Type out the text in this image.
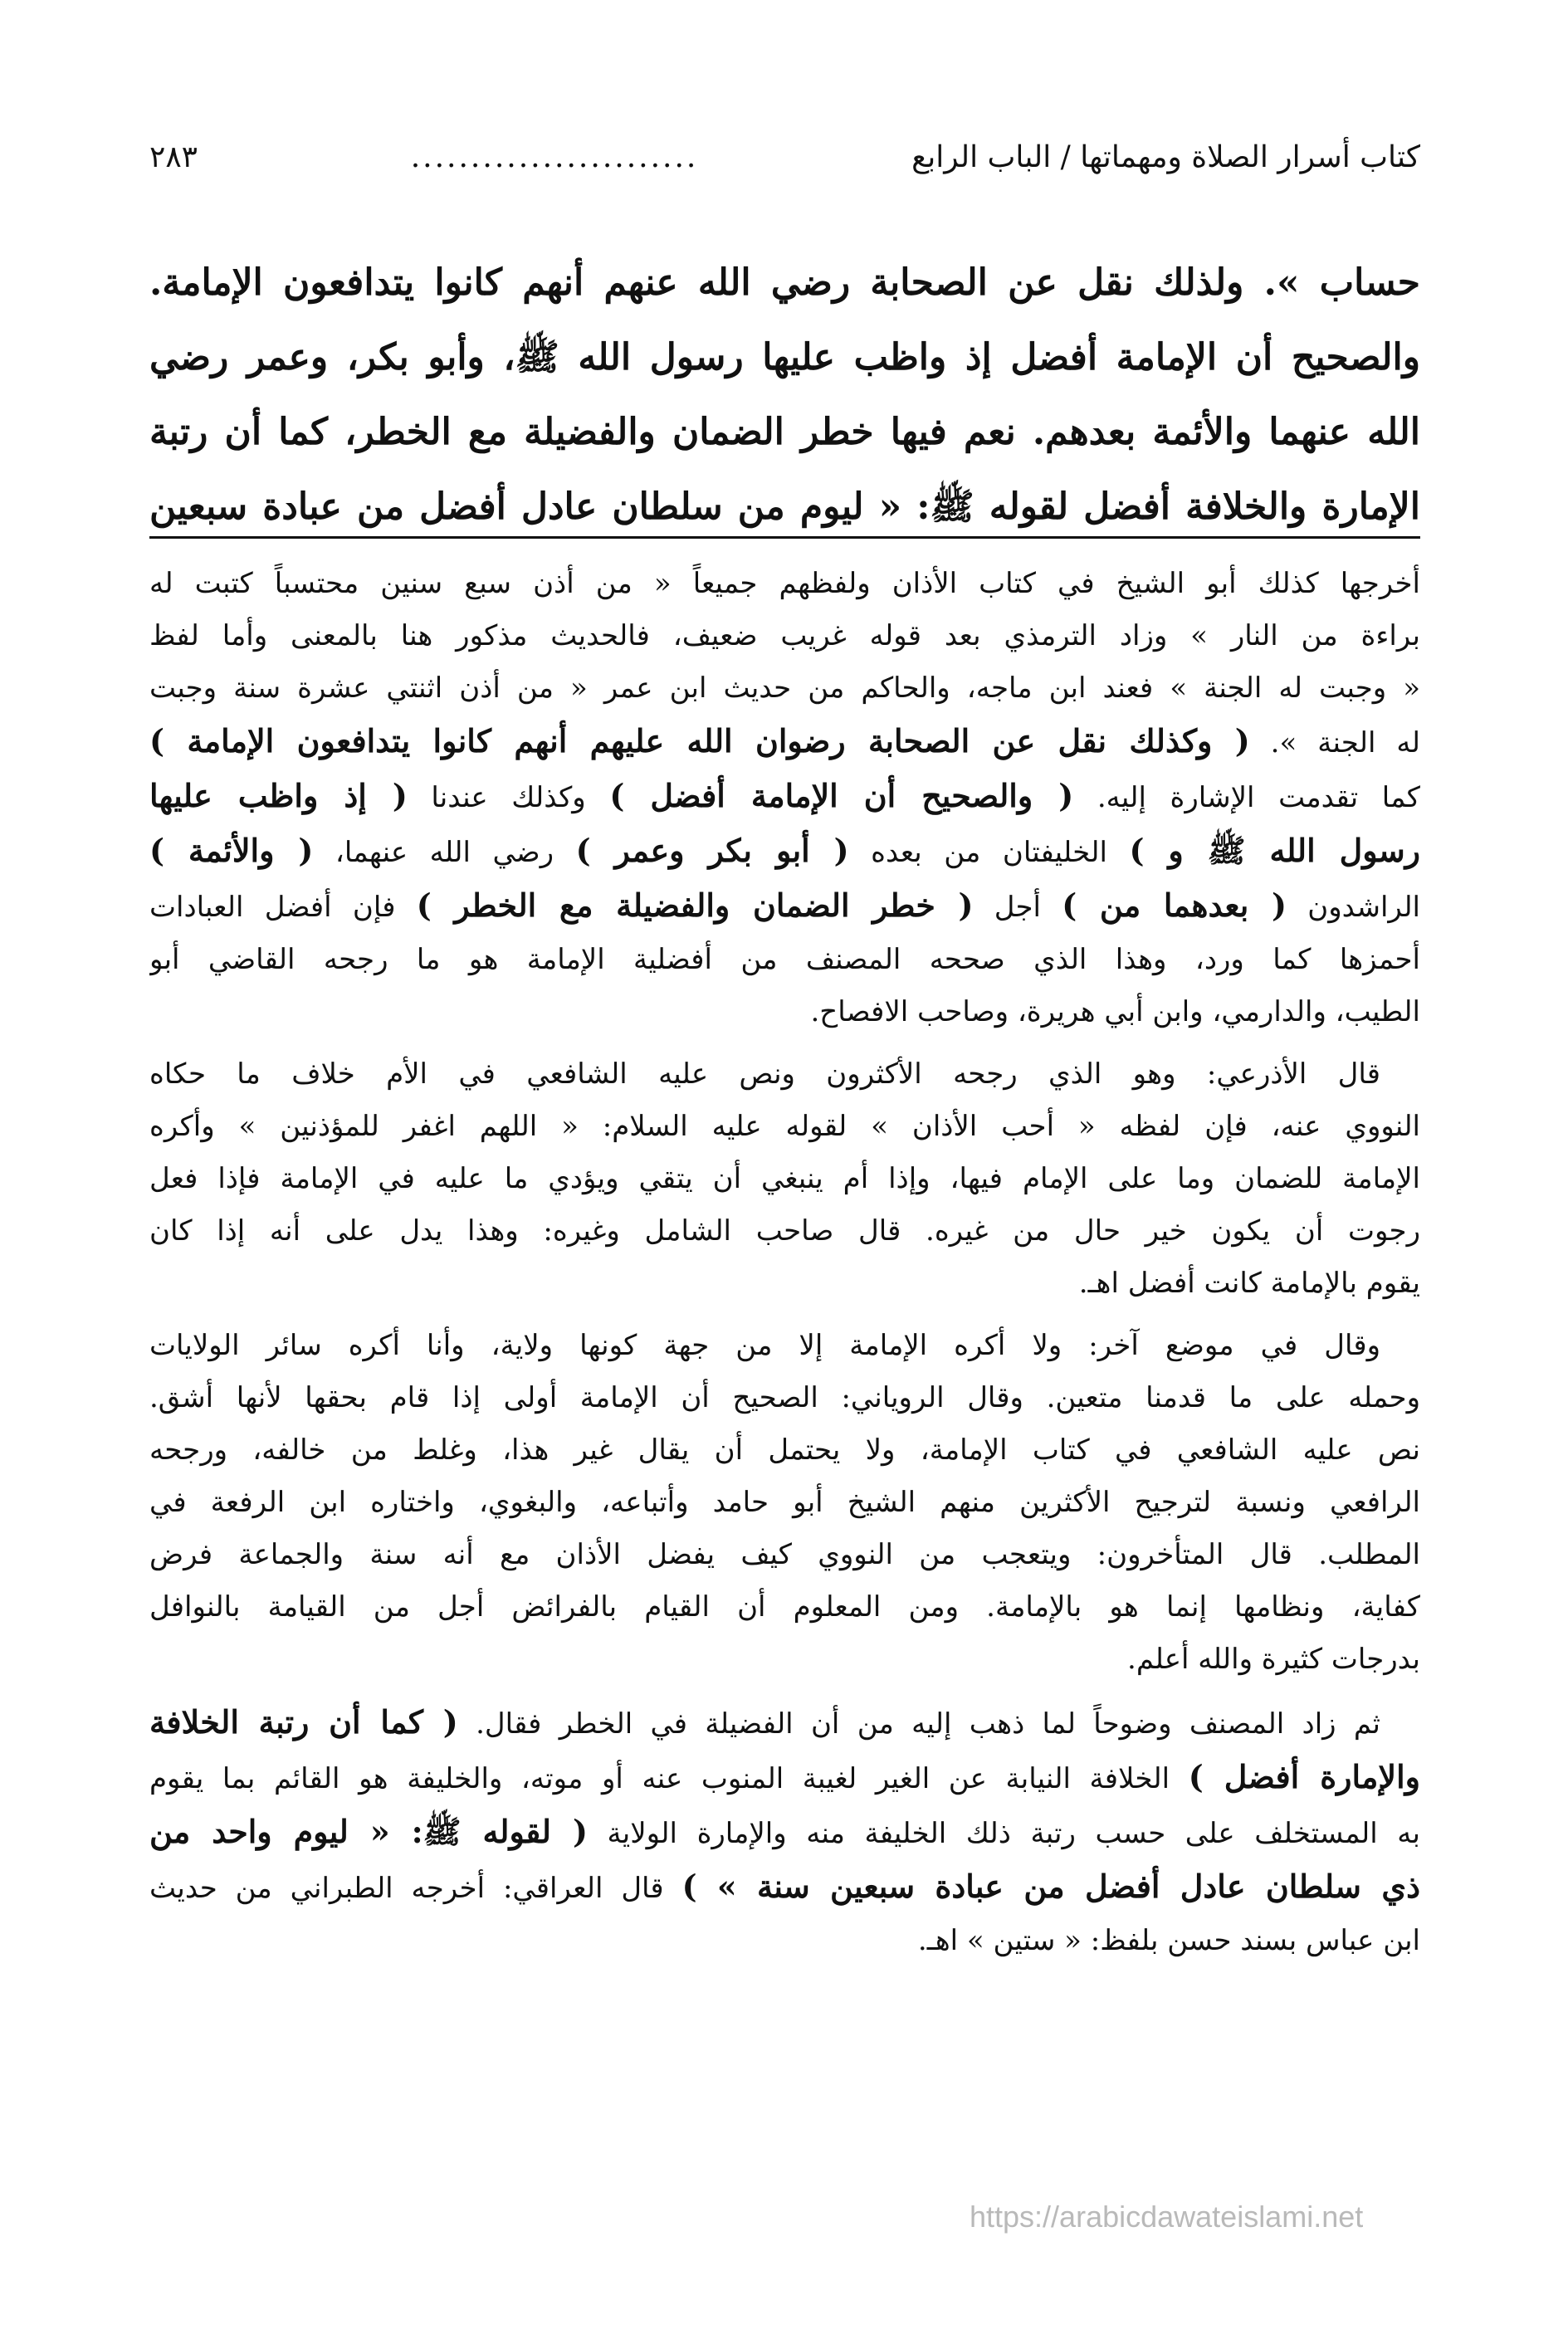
كتاب أسرار الصلاة ومهماتها / الباب الرابع
........................
٢٨٣
حساب ». ولذلك نقل عن الصحابة رضي الله عنهم أنهم كانوا يتدافعون الإمامة.
والصحيح أن الإمامة أفضل إذ واظب عليها رسول الله ﷺ، وأبو بكر، وعمر رضي
الله عنهما والأئمة بعدهم. نعم فيها خطر الضمان والفضيلة مع الخطر، كما أن رتبة
الإمارة والخلافة أفضل لقوله ﷺ: « ليوم من سلطان عادل أفضل من عبادة سبعين
أخرجها كذلك أبو الشيخ في كتاب الأذان ولفظهم جميعاً « من أذن سبع سنين محتسباً كتبت له
براءة من النار » وزاد الترمذي بعد قوله غريب ضعيف، فالحديث مذكور هنا بالمعنى وأما لفظ
« وجبت له الجنة » فعند ابن ماجه، والحاكم من حديث ابن عمر « من أذن اثنتي عشرة سنة وجبت
له الجنة ». ( وكذلك نقل عن الصحابة رضوان الله عليهم أنهم كانوا يتدافعون الإمامة )
كما تقدمت الإشارة إليه. ( والصحيح أن الإمامة أفضل ) وكذلك عندنا ( إذ واظب عليها
رسول الله ﷺ و ) الخليفتان من بعده ( أبو بكر وعمر ) رضي الله عنهما، ( والأئمة )
الراشدون ( بعدهما من ) أجل ( خطر الضمان والفضيلة مع الخطر ) فإن أفضل العبادات
أحمزها كما ورد، وهذا الذي صححه المصنف من أفضلية الإمامة هو ما رجحه القاضي أبو
الطيب، والدارمي، وابن أبي هريرة، وصاحب الافصاح.
قال الأذرعي: وهو الذي رجحه الأكثرون ونص عليه الشافعي في الأم خلاف ما حكاه
النووي عنه، فإن لفظه « أحب الأذان » لقوله عليه السلام: « اللهم اغفر للمؤذنين » وأكره
الإمامة للضمان وما على الإمام فيها، وإذا أم ينبغي أن يتقي ويؤدي ما عليه في الإمامة فإذا فعل
رجوت أن يكون خير حال من غيره. قال صاحب الشامل وغيره: وهذا يدل على أنه إذا كان
يقوم بالإمامة كانت أفضل اهـ.
وقال في موضع آخر: ولا أكره الإمامة إلا من جهة كونها ولاية، وأنا أكره سائر الولايات
وحمله على ما قدمنا متعين. وقال الروياني: الصحيح أن الإمامة أولى إذا قام بحقها لأنها أشق.
نص عليه الشافعي في كتاب الإمامة، ولا يحتمل أن يقال غير هذا، وغلط من خالفه، ورجحه
الرافعي ونسبة لترجيح الأكثرين منهم الشيخ أبو حامد وأتباعه، والبغوي، واختاره ابن الرفعة في
المطلب. قال المتأخرون: ويتعجب من النووي كيف يفضل الأذان مع أنه سنة والجماعة فرض
كفاية، ونظامها إنما هو بالإمامة. ومن المعلوم أن القيام بالفرائض أجل من القيامة بالنوافل
بدرجات كثيرة والله أعلم.
ثم زاد المصنف وضوحاً لما ذهب إليه من أن الفضيلة في الخطر فقال. ( كما أن رتبة الخلافة
والإمارة أفضل ) الخلافة النيابة عن الغير لغيبة المنوب عنه أو موته، والخليفة هو القائم بما يقوم
به المستخلف على حسب رتبة ذلك الخليفة منه والإمارة الولاية ( لقوله ﷺ: « ليوم واحد من
ذي سلطان عادل أفضل من عبادة سبعين سنة » ) قال العراقي: أخرجه الطبراني من حديث
ابن عباس بسند حسن بلفظ: « ستين » اهـ.
https://arabicdawateislami.net
